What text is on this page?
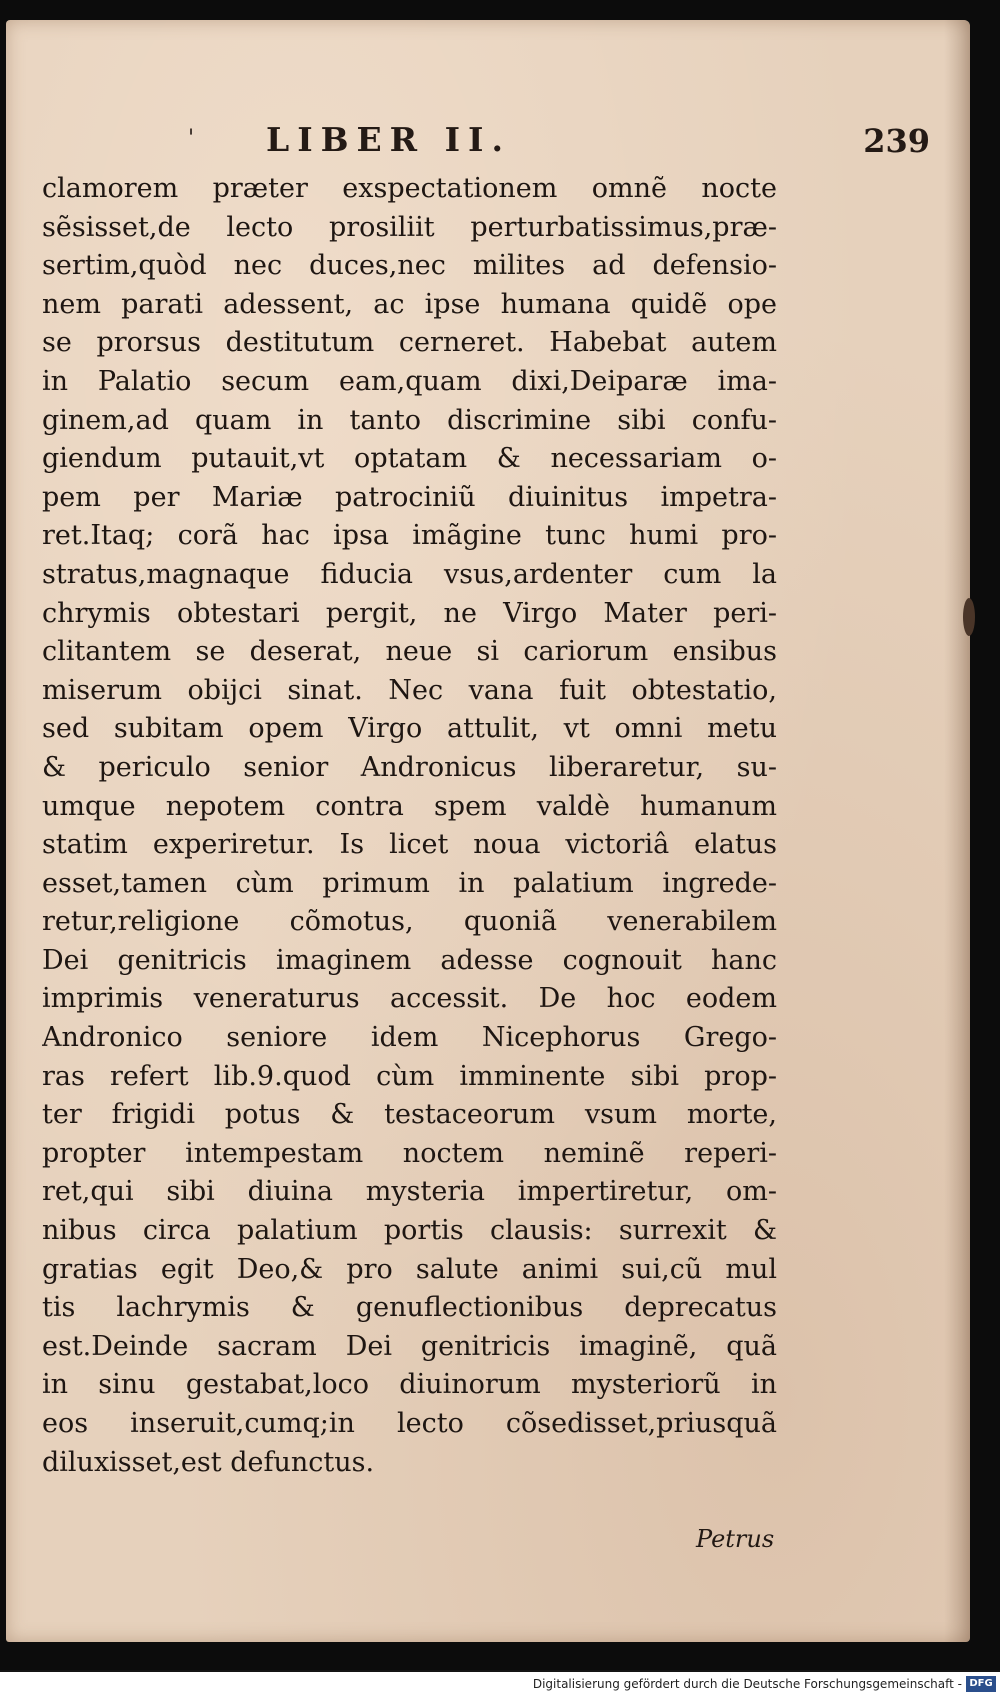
' LIBER II.	239
clamorem præter exspectationem omnẽ nocte
sẽsisset,de lecto prosiliit perturbatissimus,præ-
sertim,quòd nec duces,nec milites ad defensio-
nem parati adessent, ac ipse humana quidẽ ope
se prorsus destitutum cerneret. Habebat autem
in Palatio secum eam,quam dixi,Deiparæ ima-
ginem,ad quam in tanto discrimine sibi confu-
giendum putauit,vt optatam & necessariam o-
pem per Mariæ patrociniũ diuinitus impetra-
ret.Itaq; corã hac ipsa imãgine tunc humi pro-
stratus,magnaque fiducia vsus,ardenter cum la
chrymis obtestari pergit, ne Virgo Mater peri-
clitantem se deserat, neue si cariorum ensibus
miserum obijci sinat. Nec vana fuit obtestatio,
sed subitam opem Virgo attulit, vt omni metu
& periculo senior Andronicus liberaretur, su-
umque nepotem contra spem valdè humanum
statim experiretur. Is licet noua victoriâ elatus
esset,tamen cùm primum in palatium ingrede-
retur,religione cõmotus, quoniã venerabilem
Dei genitricis imaginem adesse cognouit hanc
imprimis veneraturus accessit. De hoc eodem
Andronico seniore idem Nicephorus Grego-
ras refert lib.9.quod cùm imminente sibi prop-
ter frigidi potus & testaceorum vsum morte,
propter intempestam noctem neminẽ reperi-
ret,qui sibi diuina mysteria impertiretur, om-
nibus circa palatium portis clausis: surrexit &
gratias egit Deo,& pro salute animi sui,cũ mul
tis lachrymis & genuflectionibus deprecatus
est.Deinde sacram Dei genitricis imaginẽ, quã
in sinu gestabat,loco diuinorum mysteriorũ in
eos inseruit,cumq;in lecto cõsedisset,priusquã
diluxisset,est defunctus.
Petrus
Digitalisierung gefördert durch die Deutsche Forschungsgemeinschaft - DFG
